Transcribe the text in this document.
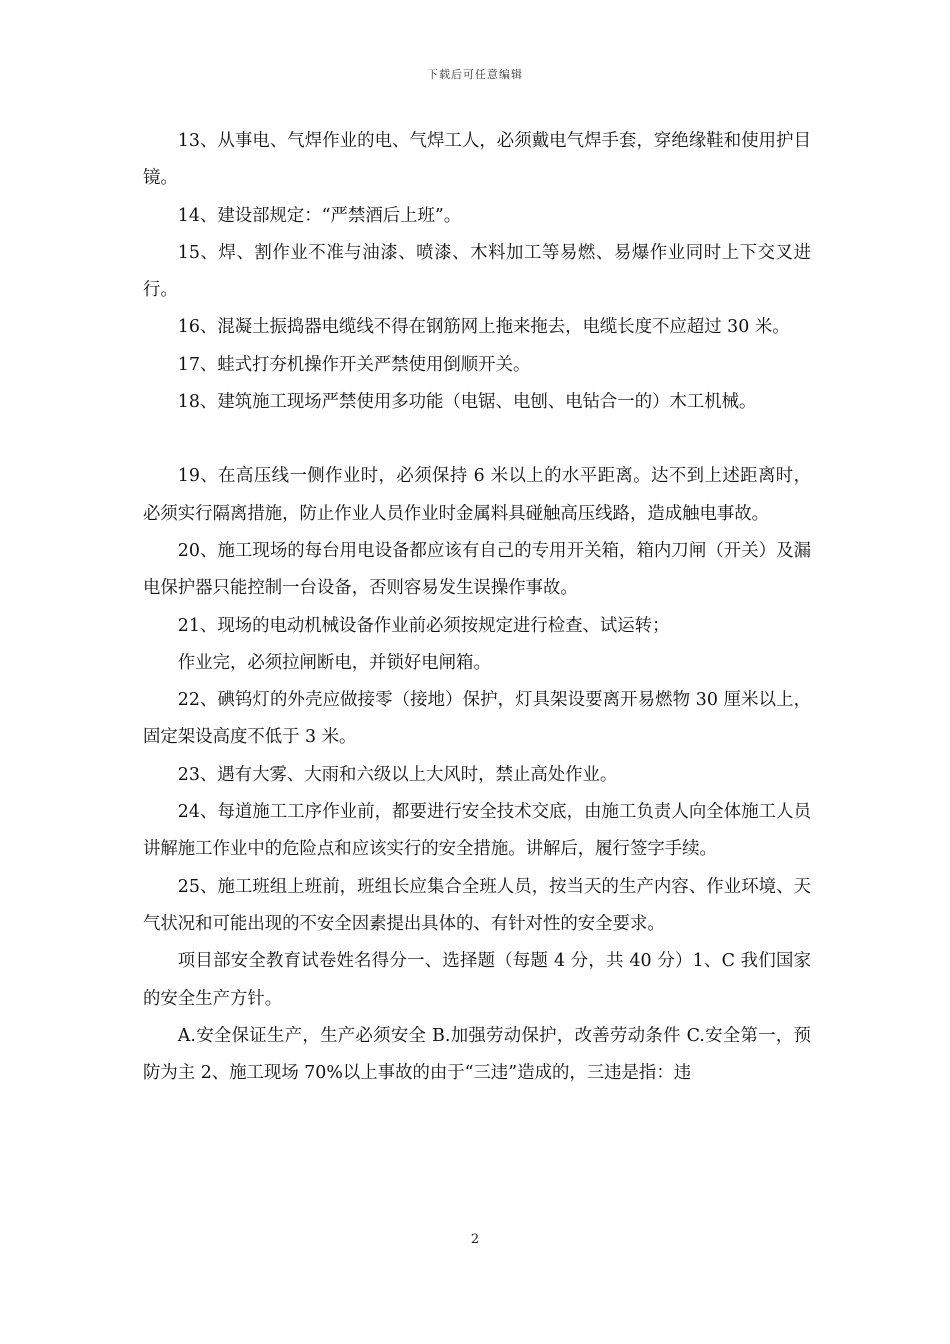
下载后可任意编辑

13、从事电、气焊作业的电、气焊工人，必须戴电气焊手套，穿绝缘鞋和使用护目镜。

14、建设部规定：“严禁酒后上班”。

15、焊、割作业不准与油漆、喷漆、木料加工等易燃、易爆作业同时上下交叉进行。

16、混凝土振捣器电缆线不得在钢筋网上拖来拖去，电缆长度不应超过 30 米。

17、蛙式打夯机操作开关严禁使用倒顺开关。

18、建筑施工现场严禁使用多功能（电锯、电刨、电钻合一的）木工机械。

19、在高压线一侧作业时，必须保持 6 米以上的水平距离。达不到上述距离时，必须实行隔离措施，防止作业人员作业时金属料具碰触高压线路，造成触电事故。

20、施工现场的每台用电设备都应该有自己的专用开关箱，箱内刀闸（开关）及漏电保护器只能控制一台设备，否则容易发生误操作事故。

21、现场的电动机械设备作业前必须按规定进行检查、试运转；

作业完，必须拉闸断电，并锁好电闸箱。

22、碘钨灯的外壳应做接零（接地）保护，灯具架设要离开易燃物 30 厘米以上，固定架设高度不低于 3 米。

23、遇有大雾、大雨和六级以上大风时，禁止高处作业。

24、每道施工工序作业前，都要进行安全技术交底，由施工负责人向全体施工人员讲解施工作业中的危险点和应该实行的安全措施。讲解后，履行签字手续。

25、施工班组上班前，班组长应集合全班人员，按当天的生产内容、作业环境、天气状况和可能出现的不安全因素提出具体的、有针对性的安全要求。

项目部安全教育试卷姓名得分一、选择题（每题 4 分，共 40 分）1、C 我们国家的安全生产方针。

A.安全保证生产，生产必须安全 B.加强劳动保护，改善劳动条件 C.安全第一，预防为主 2、施工现场 70%以上事故的由于“三违”造成的，三违是指：违

2
